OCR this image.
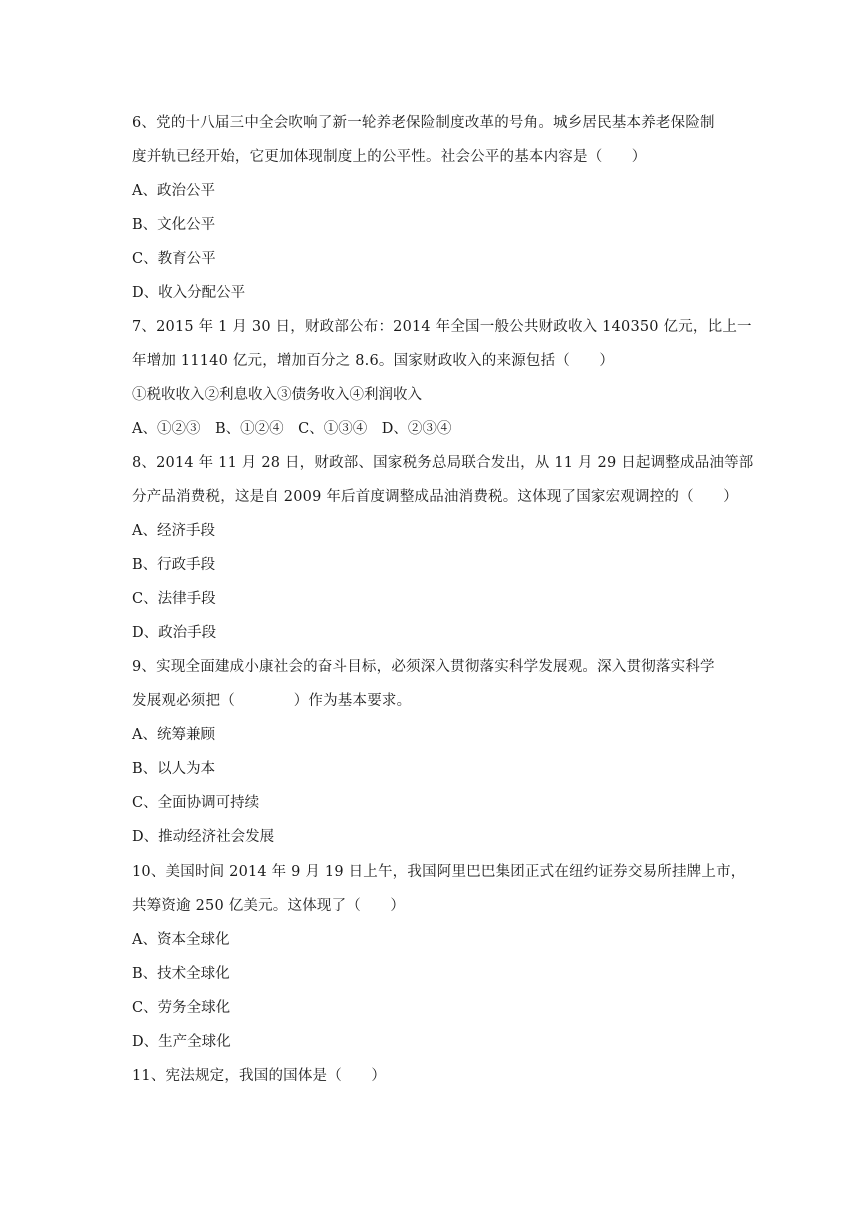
6、党的十八届三中全会吹响了新一轮养老保险制度改革的号角。城乡居民基本养老保险制
度并轨已经开始，它更加体现制度上的公平性。社会公平的基本内容是（　　）
A、政治公平
B、文化公平
C、教育公平
D、收入分配公平
7、2015 年 1 月 30 日，财政部公布：2014 年全国一般公共财政收入 140350 亿元，比上一
年增加 11140 亿元，增加百分之 8.6。国家财政收入的来源包括（　　）
①税收收入②利息收入③债务收入④利润收入
A、①②③　B、①②④　C、①③④　D、②③④
8、2014 年 11 月 28 日，财政部、国家税务总局联合发出，从 11 月 29 日起调整成品油等部
分产品消费税，这是自 2009 年后首度调整成品油消费税。这体现了国家宏观调控的（　　）
A、经济手段
B、行政手段
C、法律手段
D、政治手段
9、实现全面建成小康社会的奋斗目标，必须深入贯彻落实科学发展观。深入贯彻落实科学
发展观必须把（　　　　）作为基本要求。
A、统筹兼顾
B、以人为本
C、全面协调可持续
D、推动经济社会发展
10、美国时间 2014 年 9 月 19 日上午，我国阿里巴巴集团正式在纽约证券交易所挂牌上市，
共筹资逾 250 亿美元。这体现了（　　）
A、资本全球化
B、技术全球化
C、劳务全球化
D、生产全球化
11、宪法规定，我国的国体是（　　）
